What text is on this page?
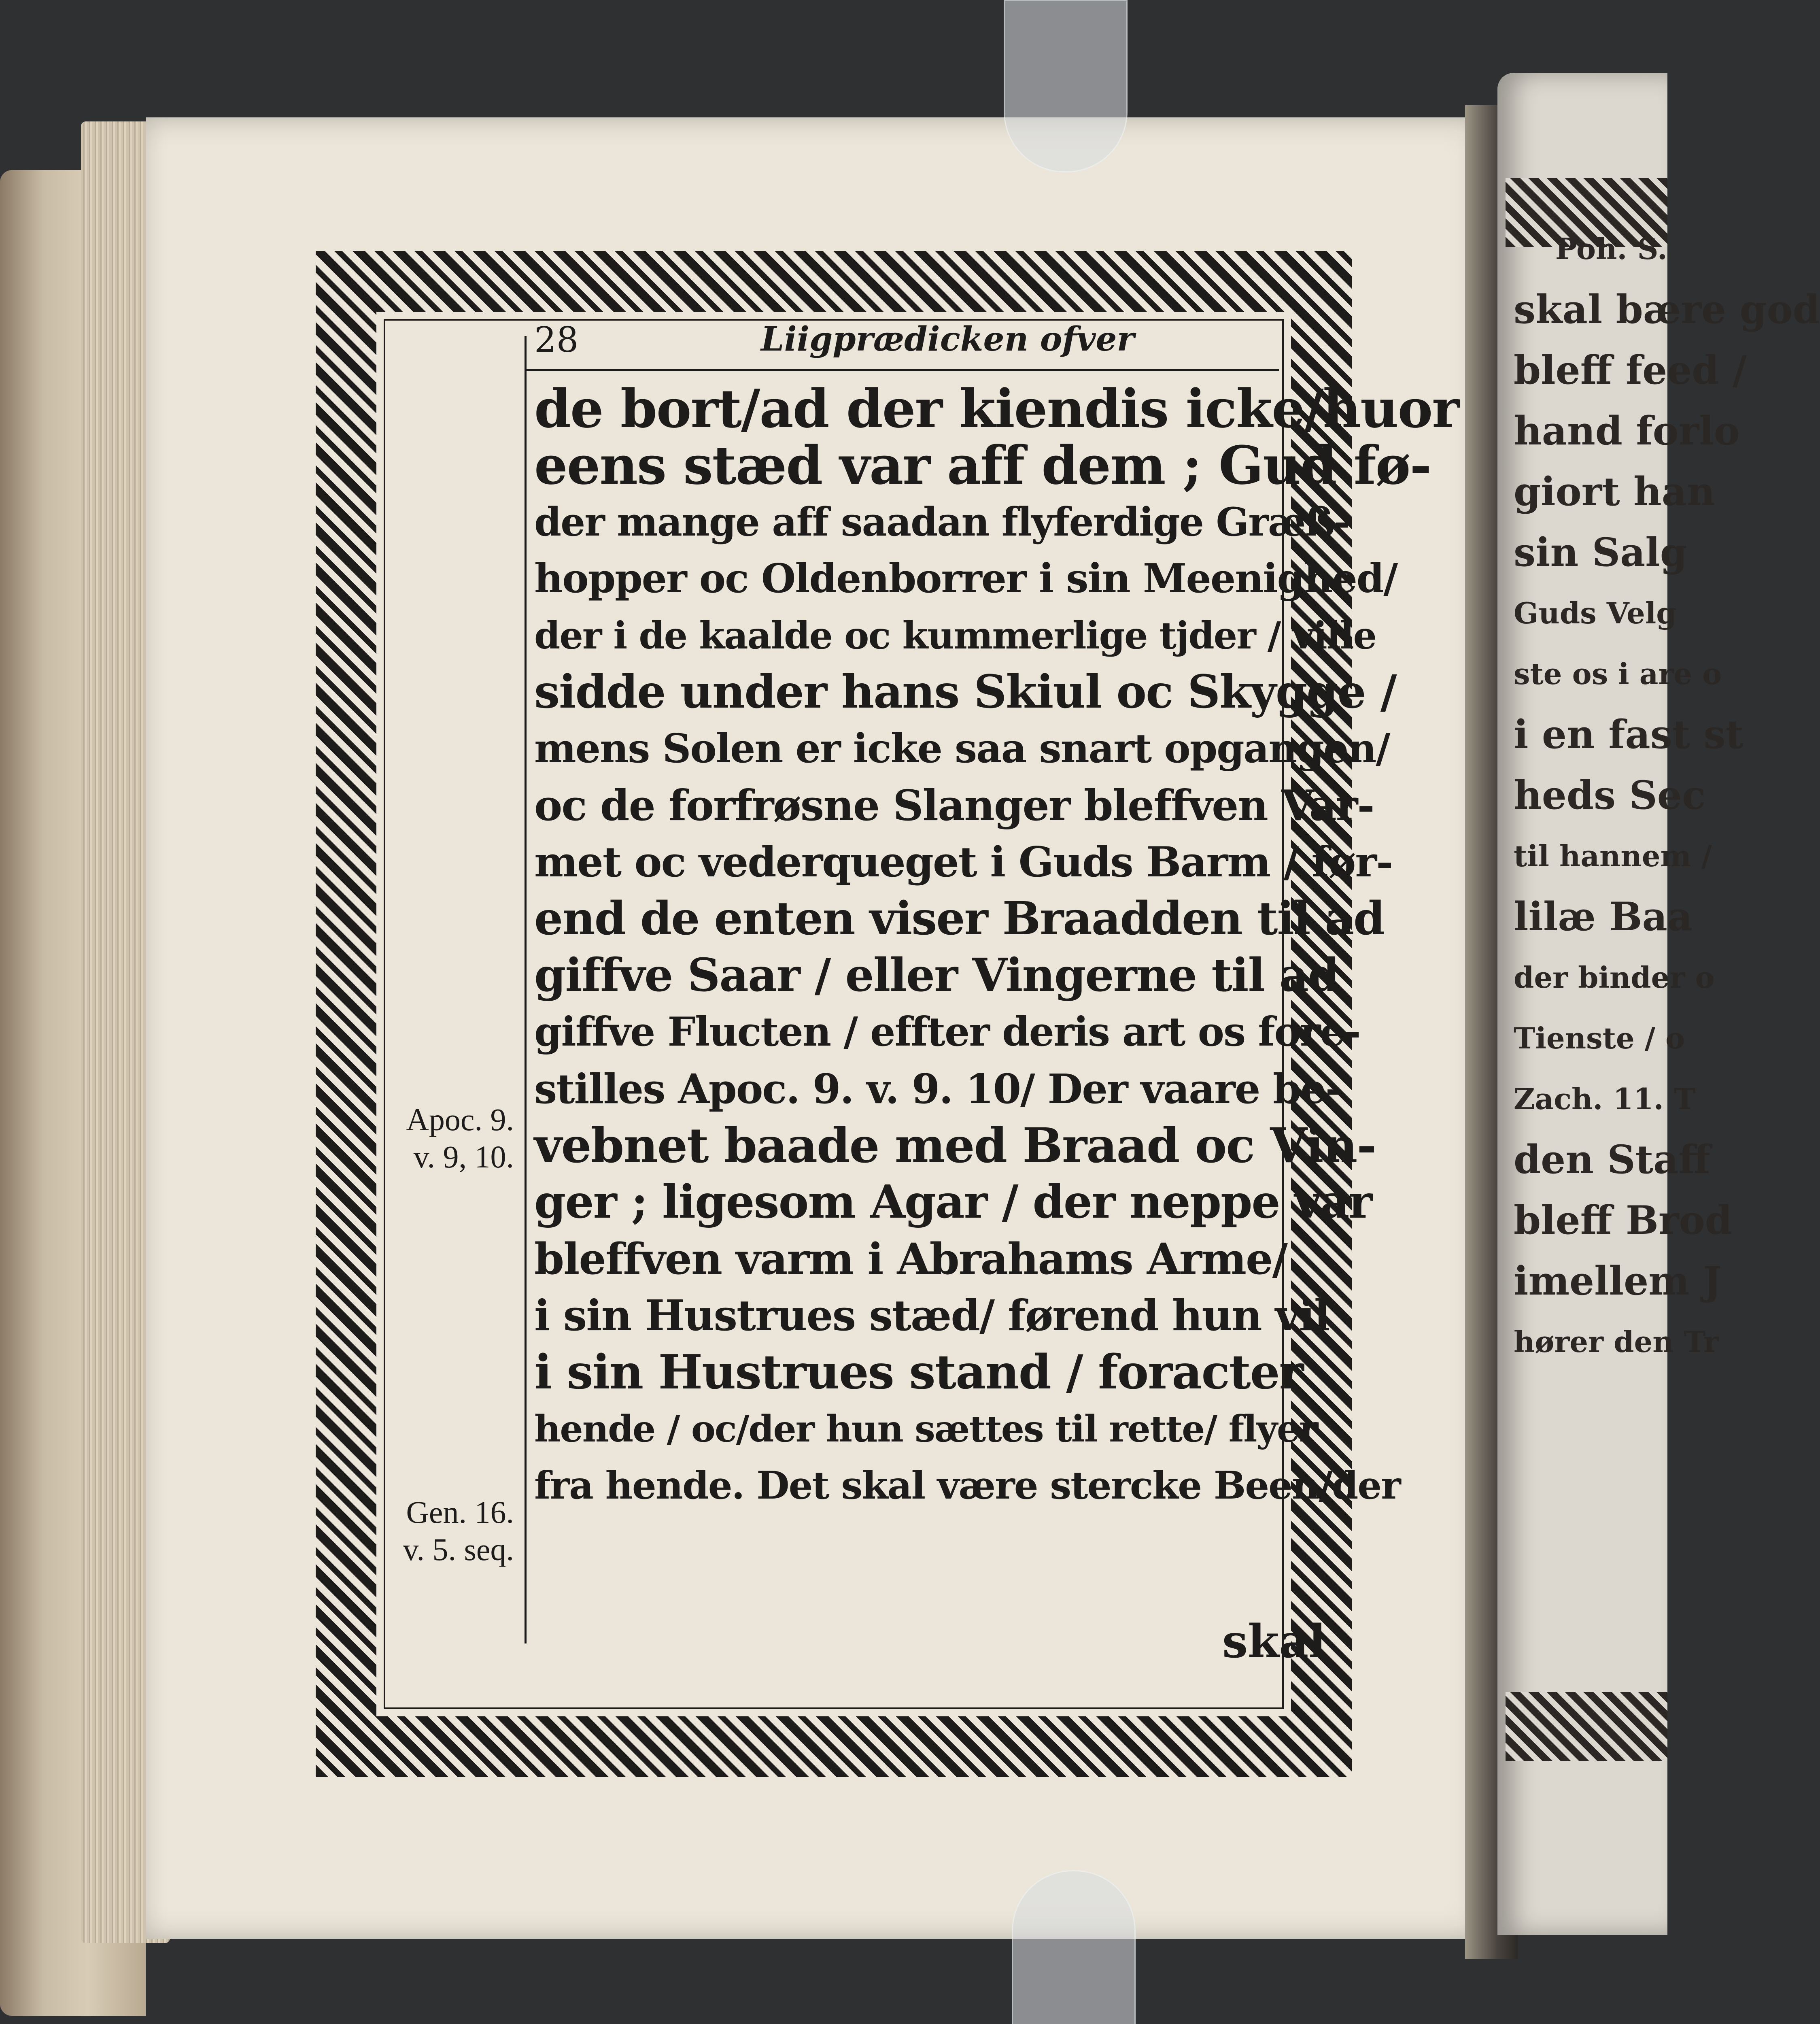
Poh. S.
skal bære god
bleff feed /
hand forlo
giort han
sin Salg
Guds Velg
ste os i are o
i en fast st
heds Sec
til hannem /
lilæ Baa
der binder o
Tienste / o
Zach. 11. T
den Staff
bleff Brod
imellem J
hører den Tr
28	Liigprædicken ofver
de bort/ad der kiendis icke/huor
eens stæd var aff dem ; Gud fø-
der mange aff saadan flyferdige Græß-
hopper oc Oldenborrer i sin Meenighed/
der i de kaalde oc kummerlige tjder / ville
sidde under hans Skiul oc Skygge /
mens Solen er icke saa snart opgangen/
oc de forfrøsne Slanger bleffven Var-
met oc vederqueget i Guds Barm / før-
end de enten viser Braadden til ad
giffve Saar / eller Vingerne til ad
giffve Flucten / effter deris art os fore-
stilles Apoc. 9. v. 9. 10/ Der vaare be-
vebnet baade med Braad oc Vin-
ger ; ligesom Agar / der neppe var
bleffven varm i Abrahams Arme/
i sin Hustrues stæd/ førend hun vil
i sin Hustrues stand / foracter
hende / oc/der hun sættes til rette/ flyer
fra hende. Det skal være stercke Been/der
Apoc. 9.
v. 9, 10.
Gen. 16.
v. 5. seq.
skal
